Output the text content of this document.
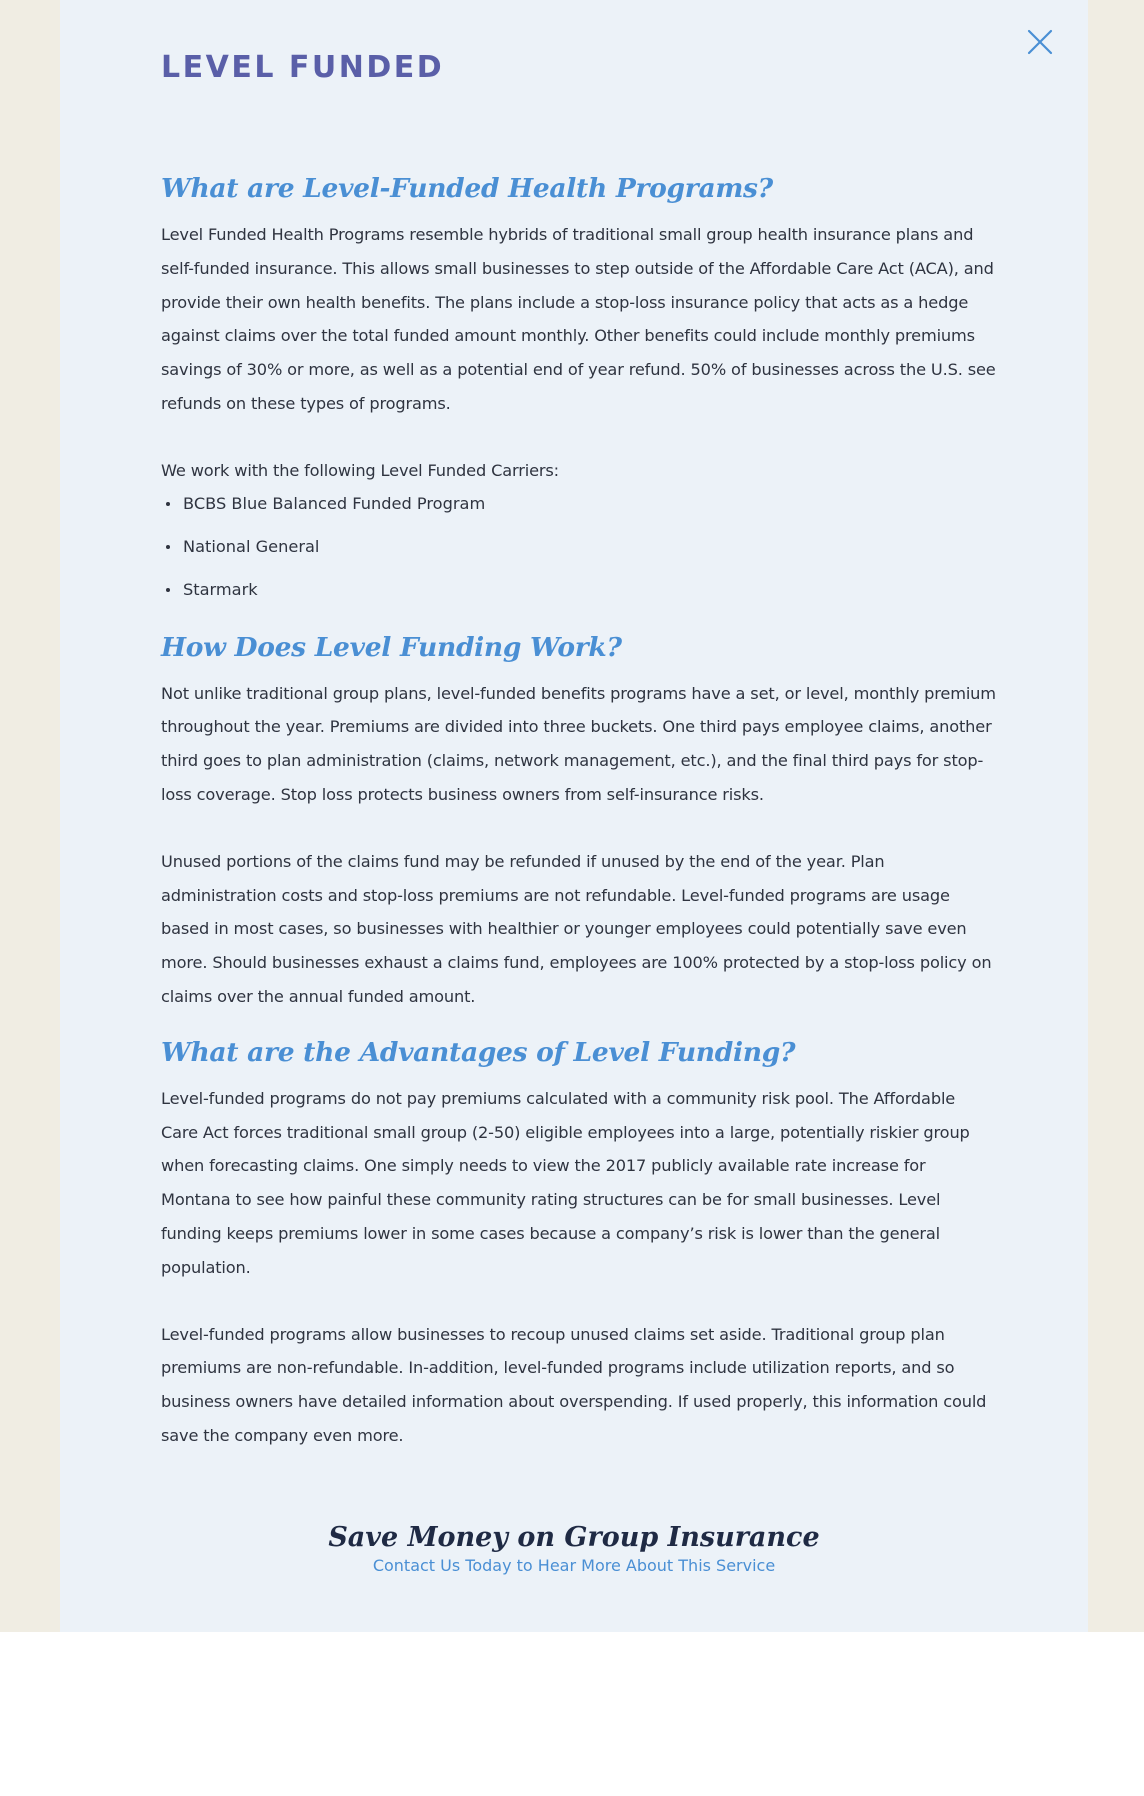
LEVEL FUNDED
What are Level-Funded Health Programs?

Level Funded Health Programs resemble hybrids of traditional small group health insurance plans and self-funded insurance. This allows small businesses to step outside of the Affordable Care Act (ACA), and provide their own health benefits. The plans include a stop-loss insurance policy that acts as a hedge against claims over the total funded amount monthly. Other benefits could include monthly premiums savings of 30% or more, as well as a potential end of year refund. 50% of businesses across the U.S. see refunds on these types of programs.

We work with the following Level Funded Carriers:

BCBS Blue Balanced Funded Program
National General
Starmark
How Does Level Funding Work?

Not unlike traditional group plans, level-funded benefits programs have a set, or level, monthly premium throughout the year. Premiums are divided into three buckets. One third pays employee claims, another third goes to plan administration (claims, network management, etc.), and the final third pays for stop-loss coverage. Stop loss protects business owners from self-insurance risks.

Unused portions of the claims fund may be refunded if unused by the end of the year. Plan administration costs and stop-loss premiums are not refundable. Level-funded programs are usage based in most cases, so businesses with healthier or younger employees could potentially save even more. Should businesses exhaust a claims fund, employees are 100% protected by a stop-loss policy on claims over the annual funded amount.

What are the Advantages of Level Funding?

Level-funded programs do not pay premiums calculated with a community risk pool. The Affordable Care Act forces traditional small group (2-50) eligible employees into a large, potentially riskier group when forecasting claims. One simply needs to view the 2017 publicly available rate increase for Montana to see how painful these community rating structures can be for small businesses. Level funding keeps premiums lower in some cases because a company’s risk is lower than the general population.

Level-funded programs allow businesses to recoup unused claims set aside. Traditional group plan premiums are non-refundable. In-addition, level-funded programs include utilization reports, and so business owners have detailed information about overspending. If used properly, this information could save the company even more.

Save Money on Group Insurance
Contact Us Today to Hear More About This Service
